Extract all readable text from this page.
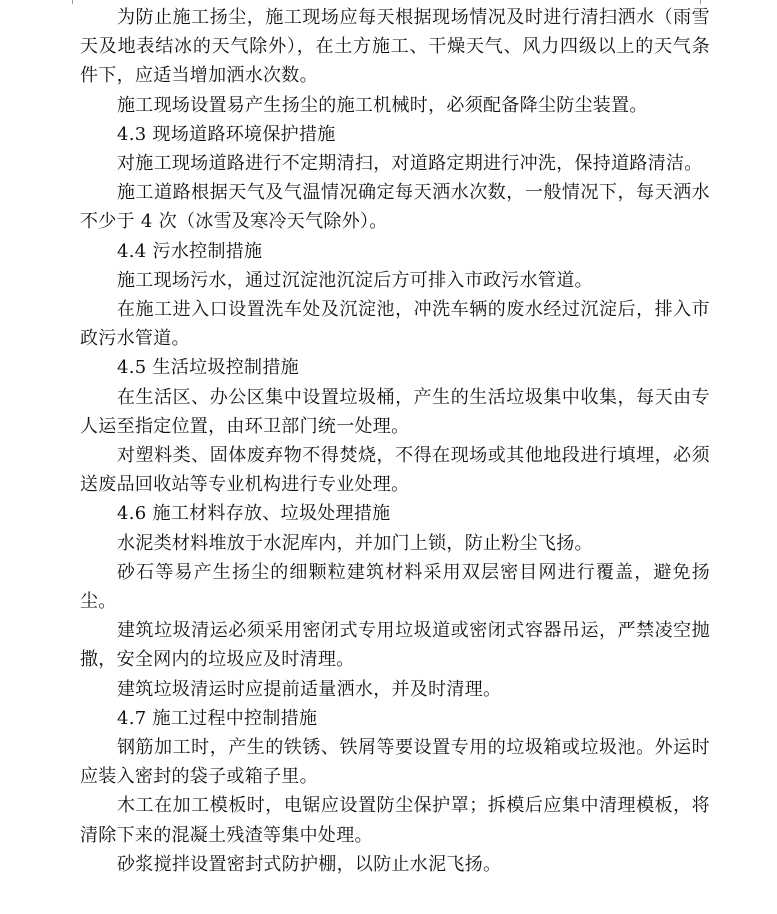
为防止施工扬尘，施工现场应每天根据现场情况及时进行清扫洒水（雨雪天及地表结冰的天气除外），在土方施工、干燥天气、风力四级以上的天气条件下，应适当增加洒水次数。

施工现场设置易产生扬尘的施工机械时，必须配备降尘防尘装置。

4.3 现场道路环境保护措施

对施工现场道路进行不定期清扫，对道路定期进行冲洗，保持道路清洁。

施工道路根据天气及气温情况确定每天洒水次数，一般情况下，每天洒水不少于 4 次（冰雪及寒冷天气除外）。

4.4 污水控制措施

施工现场污水，通过沉淀池沉淀后方可排入市政污水管道。

在施工进入口设置洗车处及沉淀池，冲洗车辆的废水经过沉淀后，排入市政污水管道。

4.5 生活垃圾控制措施

在生活区、办公区集中设置垃圾桶，产生的生活垃圾集中收集，每天由专人运至指定位置，由环卫部门统一处理。

对塑料类、固体废弃物不得焚烧，不得在现场或其他地段进行填埋，必须送废品回收站等专业机构进行专业处理。

4.6 施工材料存放、垃圾处理措施

水泥类材料堆放于水泥库内，并加门上锁，防止粉尘飞扬。

砂石等易产生扬尘的细颗粒建筑材料采用双层密目网进行覆盖，避免扬尘。

建筑垃圾清运必须采用密闭式专用垃圾道或密闭式容器吊运，严禁凌空抛撒，安全网内的垃圾应及时清理。

建筑垃圾清运时应提前适量洒水，并及时清理。

4.7 施工过程中控制措施

钢筋加工时，产生的铁锈、铁屑等要设置专用的垃圾箱或垃圾池。外运时应装入密封的袋子或箱子里。

木工在加工模板时，电锯应设置防尘保护罩；拆模后应集中清理模板，将清除下来的混凝土残渣等集中处理。

砂浆搅拌设置密封式防护棚，以防止水泥飞扬。
